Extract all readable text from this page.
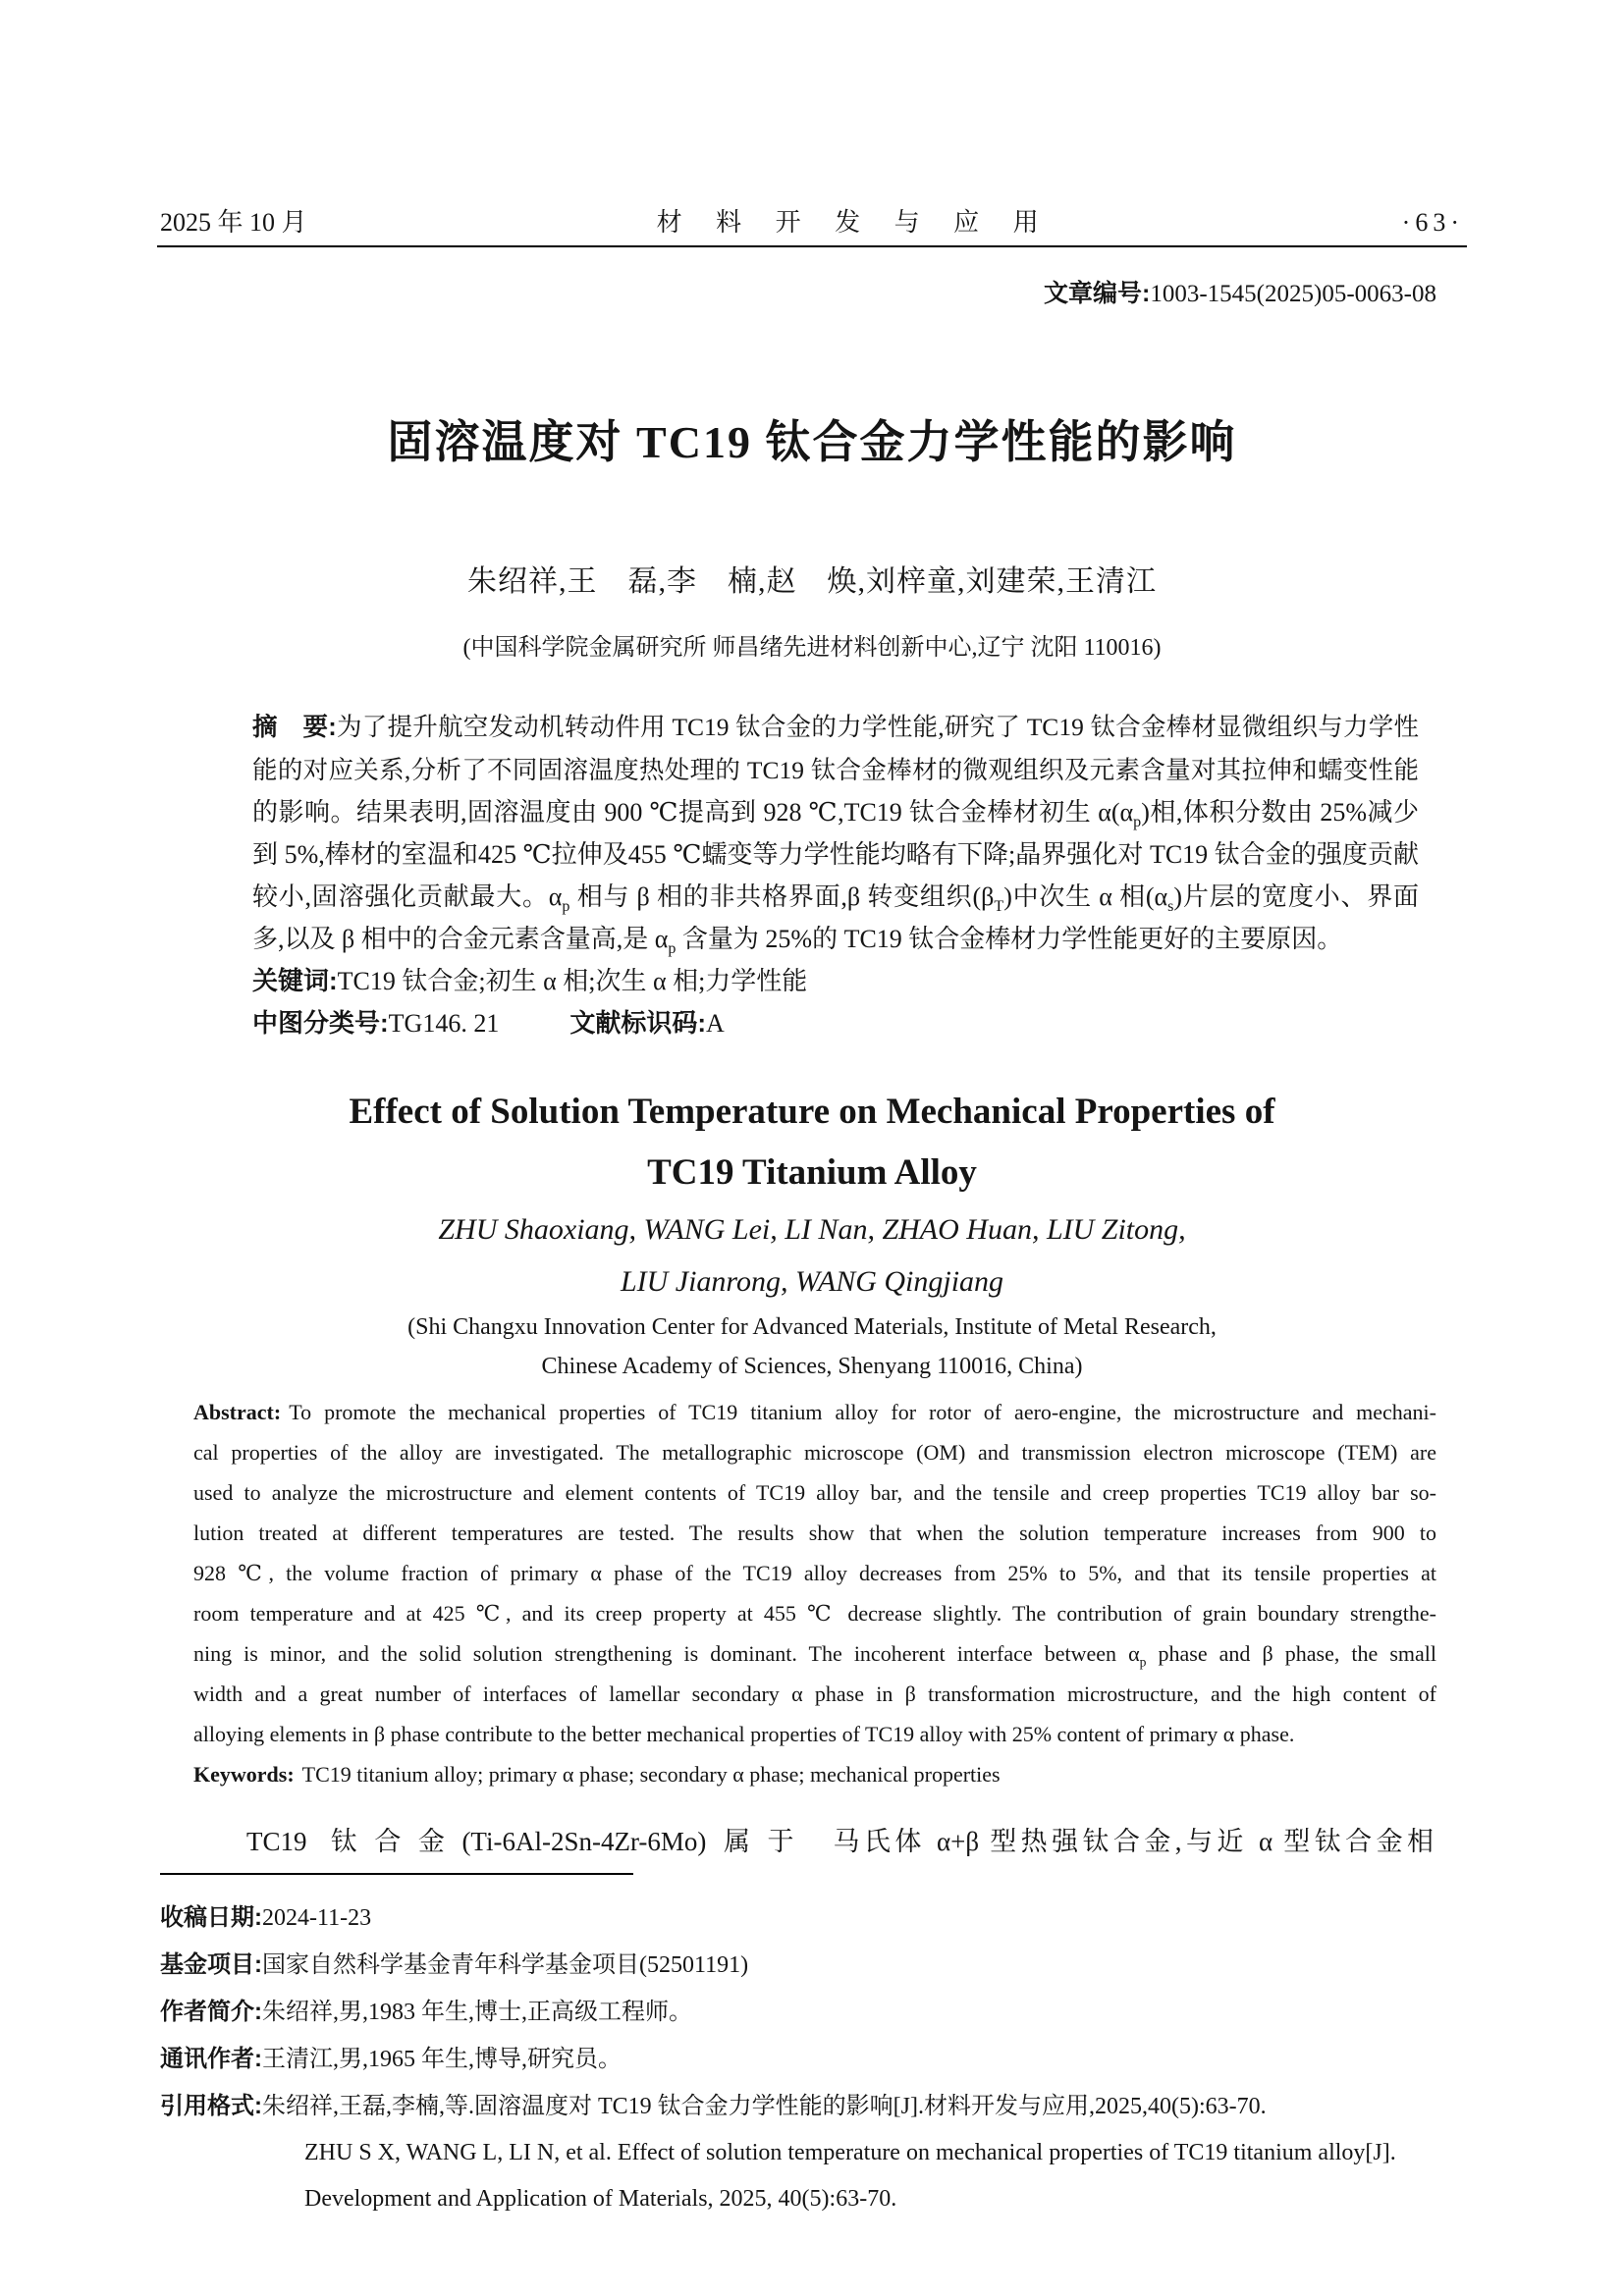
2025 年 10 月	材 料 开 发 与 应 用	·63·
文章编号:1003-1545(2025)05-0063-08
固溶温度对 TC19 钛合金力学性能的影响
朱绍祥,王　磊,李　楠,赵　焕,刘梓童,刘建荣,王清江
(中国科学院金属研究所 师昌绪先进材料创新中心,辽宁 沈阳 110016)
摘　要:为了提升航空发动机转动件用 TC19 钛合金的力学性能,研究了 TC19 钛合金棒材显微组织与力学性
能的对应关系,分析了不同固溶温度热处理的 TC19 钛合金棒材的微观组织及元素含量对其拉伸和蠕变性能
的影响。结果表明,固溶温度由 900 ℃提高到 928 ℃,TC19 钛合金棒材初生 $\alpha(\alpha_p)$相,体积分数由 25%减少
到 5%,棒材的室温和425 ℃拉伸及455 ℃蠕变等力学性能均略有下降;晶界强化对 TC19 钛合金的强度贡献
较小,固溶强化贡献最大。$\alpha_p$ 相与 β 相的非共格界面,β 转变组织$(\beta_T)$中次生 α 相$(\alpha_s)$片层的宽度小、界面
多,以及 β 相中的合金元素含量高,是 $\alpha_p$ 含量为 25%的 TC19 钛合金棒材力学性能更好的主要原因。
关键词:TC19 钛合金;初生 α 相;次生 α 相;力学性能
中图分类号:TG146. 21	文献标识码:A
Effect of Solution Temperature on Mechanical Properties of
TC19 Titanium Alloy
ZHU Shaoxiang, WANG Lei, LI Nan, ZHAO Huan, LIU Zitong,
LIU Jianrong, WANG Qingjiang
(Shi Changxu Innovation Center for Advanced Materials, Institute of Metal Research,
Chinese Academy of Sciences, Shenyang 110016, China)
Abstract: To promote the mechanical properties of TC19 titanium alloy for rotor of aero-engine, the microstructure and mechani-
cal properties of the alloy are investigated. The metallographic microscope (OM) and transmission electron microscope (TEM) are
used to analyze the microstructure and element contents of TC19 alloy bar, and the tensile and creep properties TC19 alloy bar so-
lution treated at different temperatures are tested. The results show that when the solution temperature increases from 900 to
928 ℃, the volume fraction of primary α phase of the TC19 alloy decreases from 25% to 5%, and that its tensile properties at
room temperature and at 425 ℃, and its creep property at 455 ℃ decrease slightly. The contribution of grain boundary strengthe-
ning is minor, and the solid solution strengthening is dominant. The incoherent interface between $\alpha_p$ phase and β phase, the small
width and a great number of interfaces of lamellar secondary α phase in β transformation microstructure, and the high content of
alloying elements in β phase contribute to the better mechanical properties of TC19 alloy with 25% content of primary α phase.
Keywords: TC19 titanium alloy; primary α phase; secondary α phase; mechanical properties
TC19 钛合金(Ti-6Al-2Sn-4Zr-6Mo)属于 马氏体 α+β 型热强钛合金,与近 α 型钛合金相
收稿日期:2024-11-23
基金项目:国家自然科学基金青年科学基金项目(52501191)
作者简介:朱绍祥,男,1983 年生,博士,正高级工程师。
通讯作者:王清江,男,1965 年生,博导,研究员。
引用格式:朱绍祥,王磊,李楠,等.固溶温度对 TC19 钛合金力学性能的影响[J].材料开发与应用,2025,40(5):63-70.
ZHU S X, WANG L, LI N, et al. Effect of solution temperature on mechanical properties of TC19 titanium alloy[J].
Development and Application of Materials, 2025, 40(5):63-70.
